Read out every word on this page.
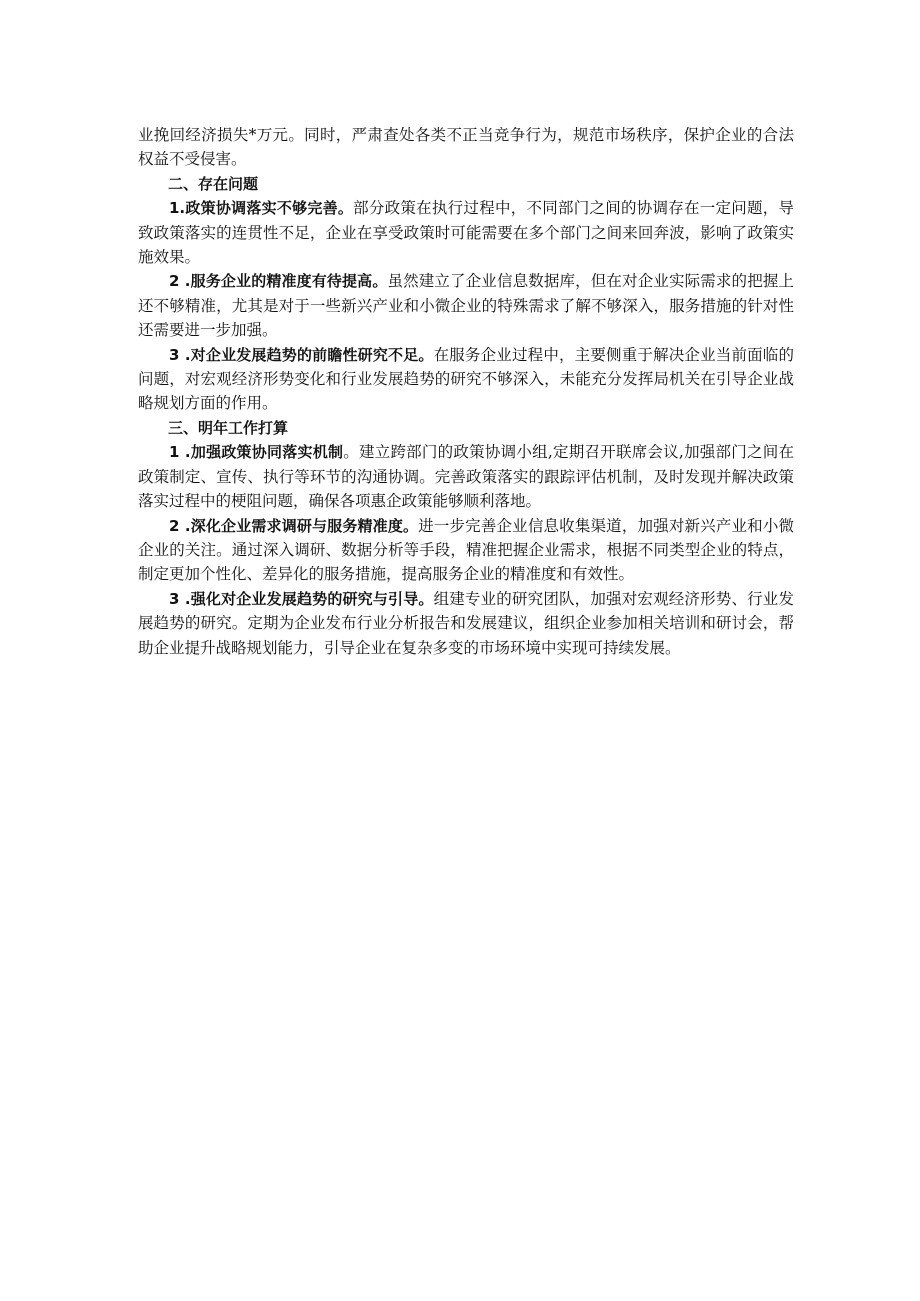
业挽回经济损失*万元。同时，严肃查处各类不正当竞争行为，规范市场秩序，保护企业的合法权益不受侵害。

二、存在问题

1.政策协调落实不够完善。部分政策在执行过程中，不同部门之间的协调存在一定问题，导致政策落实的连贯性不足，企业在享受政策时可能需要在多个部门之间来回奔波，影响了政策实施效果。

2 .服务企业的精准度有待提高。虽然建立了企业信息数据库，但在对企业实际需求的把握上还不够精准，尤其是对于一些新兴产业和小微企业的特殊需求了解不够深入，服务措施的针对性还需要进一步加强。

3 .对企业发展趋势的前瞻性研究不足。在服务企业过程中，主要侧重于解决企业当前面临的问题，对宏观经济形势变化和行业发展趋势的研究不够深入，未能充分发挥局机关在引导企业战略规划方面的作用。

三、明年工作打算

1 .加强政策协同落实机制。建立跨部门的政策协调小组,定期召开联席会议,加强部门之间在政策制定、宣传、执行等环节的沟通协调。完善政策落实的跟踪评估机制，及时发现并解决政策落实过程中的梗阻问题，确保各项惠企政策能够顺利落地。

2 .深化企业需求调研与服务精准度。进一步完善企业信息收集渠道，加强对新兴产业和小微企业的关注。通过深入调研、数据分析等手段，精准把握企业需求，根据不同类型企业的特点，制定更加个性化、差异化的服务措施，提高服务企业的精准度和有效性。

3 .强化对企业发展趋势的研究与引导。组建专业的研究团队，加强对宏观经济形势、行业发展趋势的研究。定期为企业发布行业分析报告和发展建议，组织企业参加相关培训和研讨会，帮助企业提升战略规划能力，引导企业在复杂多变的市场环境中实现可持续发展。
